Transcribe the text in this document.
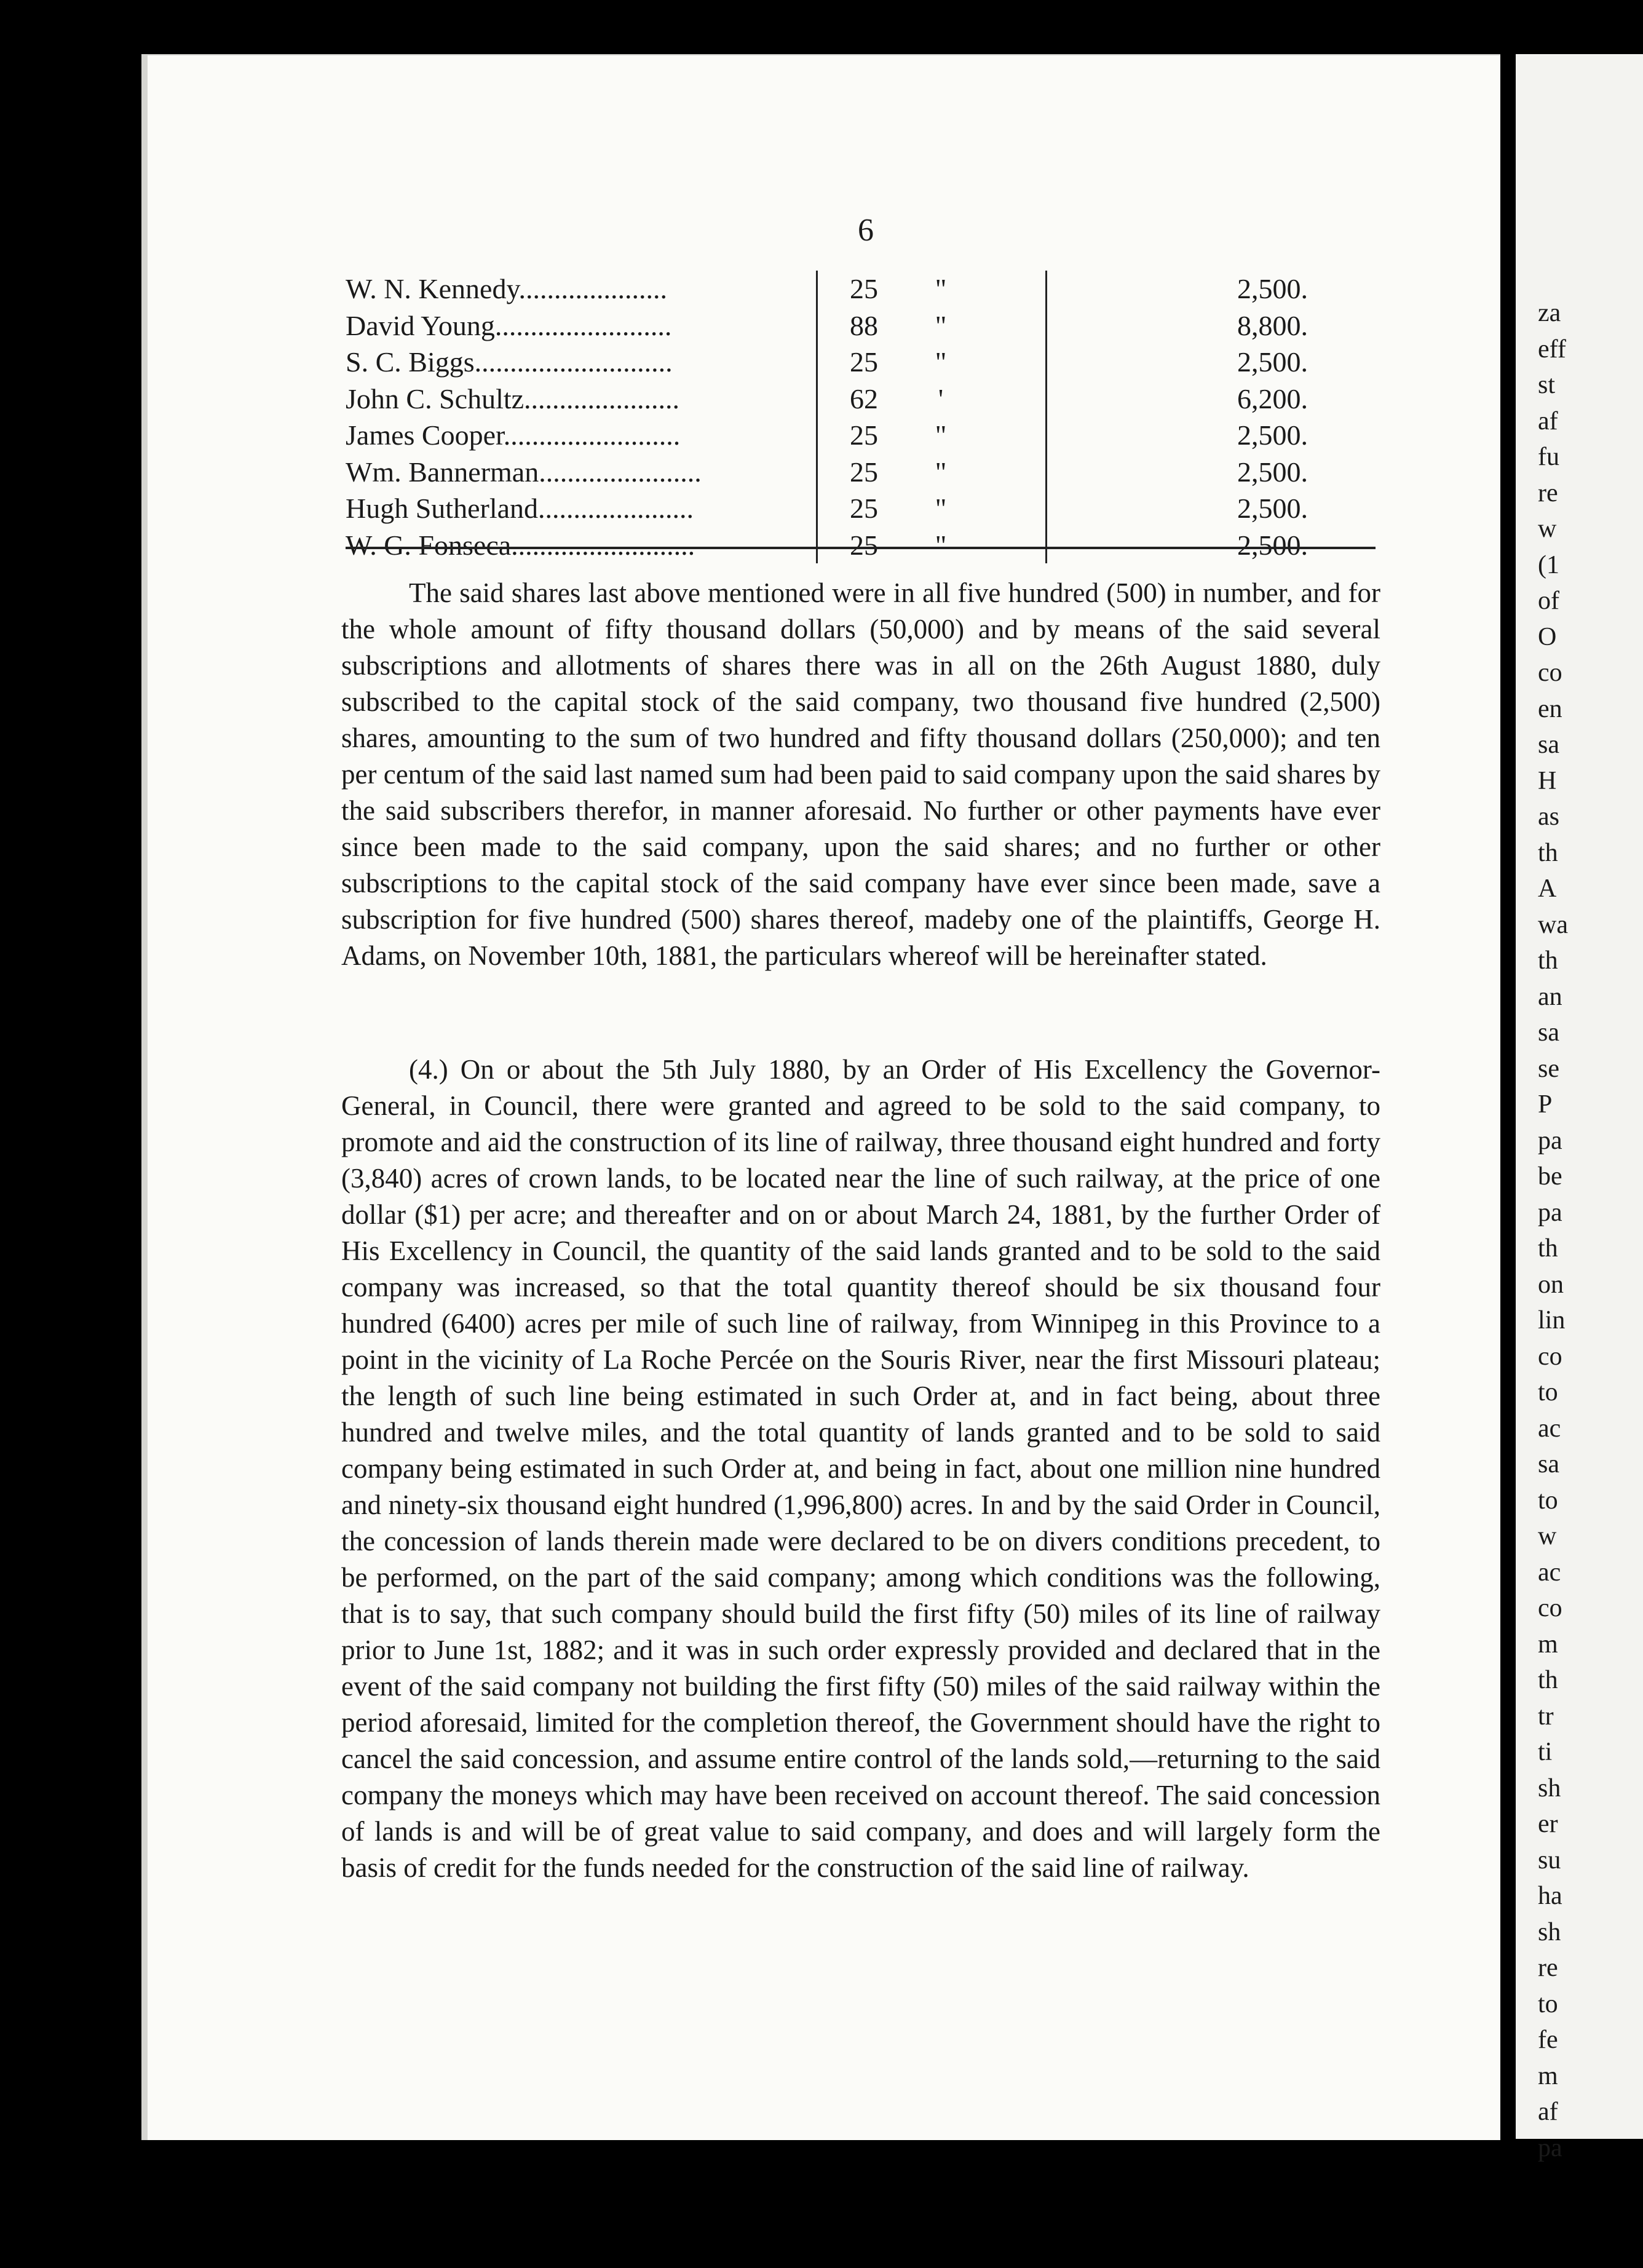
6
W. N. Kennedy.....................	25	"		2,500.
David Young.........................	88	"		8,800.
S. C. Biggs............................	25	"		2,500.
John C. Schultz......................	62	'		6,200.
James Cooper.........................	25	"		2,500.
Wm. Bannerman.......................	25	"		2,500.
Hugh Sutherland......................	25	"		2,500.
W. G. Fonseca..........................	25	"		2,500.

The said shares last above mentioned were in all five hundred (500) in number, and for the whole amount of fifty thousand dollars (50,000) and by means of the said several subscriptions and allotments of shares there was in all on the 26th August 1880, duly subscribed to the capital stock of the said company, two thousand five hundred (2,500) shares, amounting to the sum of two hundred and fifty thousand dollars (250,000); and ten per centum of the said last named sum had been paid to said company upon the said shares by the said subscribers therefor, in manner aforesaid. No further or other payments have ever since been made to the said company, upon the said shares; and no further or other subscriptions to the capital stock of the said company have ever since been made, save a subscription for five hundred (500) shares thereof, madeby one of the plaintiffs, George H. Adams, on November 10th, 1881, the particulars whereof will be hereinafter stated.

(4.) On or about the 5th July 1880, by an Order of His Excellency the Governor-General, in Council, there were granted and agreed to be sold to the said company, to promote and aid the construction of its line of railway, three thousand eight hundred and forty (3,840) acres of crown lands, to be located near the line of such railway, at the price of one dollar ($1) per acre; and thereafter and on or about March 24, 1881, by the further Order of His Excellency in Council, the quantity of the said lands granted and to be sold to the said company was increased, so that the total quantity thereof should be six thousand four hundred (6400) acres per mile of such line of railway, from Winnipeg in this Province to a point in the vicinity of La Roche Percée on the Souris River, near the first Missouri plateau; the length of such line being estimated in such Order at, and in fact being, about three hundred and twelve miles, and the total quantity of lands granted and to be sold to said company being estimated in such Order at, and being in fact, about one million nine hundred and ninety-six thousand eight hundred (1,996,800) acres. In and by the said Order in Council, the concession of lands therein made were declared to be on divers conditions precedent, to be performed, on the part of the said company; among which conditions was the following, that is to say, that such company should build the first fifty (50) miles of its line of railway prior to June 1st, 1882; and it was in such order expressly provided and declared that in the event of the said company not building the first fifty (50) miles of the said railway within the period aforesaid, limited for the completion thereof, the Government should have the right to cancel the said concession, and assume entire control of the lands sold,—returning to the said company the moneys which may have been received on account thereof. The said concession of lands is and will be of great value to said company, and does and will largely form the basis of credit for the funds needed for the construction of the said line of railway.

za
eff
st
af
fu
re
w
(1
of
O
co
en
sa
H
as
th
A
wa
th
an
sa
se
P
pa
be
pa
th
on
lin
co
to
ac
sa
to
w
ac
co
m
th
tr
ti
sh
er
su
ha
sh
re
to
fe
m
af
pa
